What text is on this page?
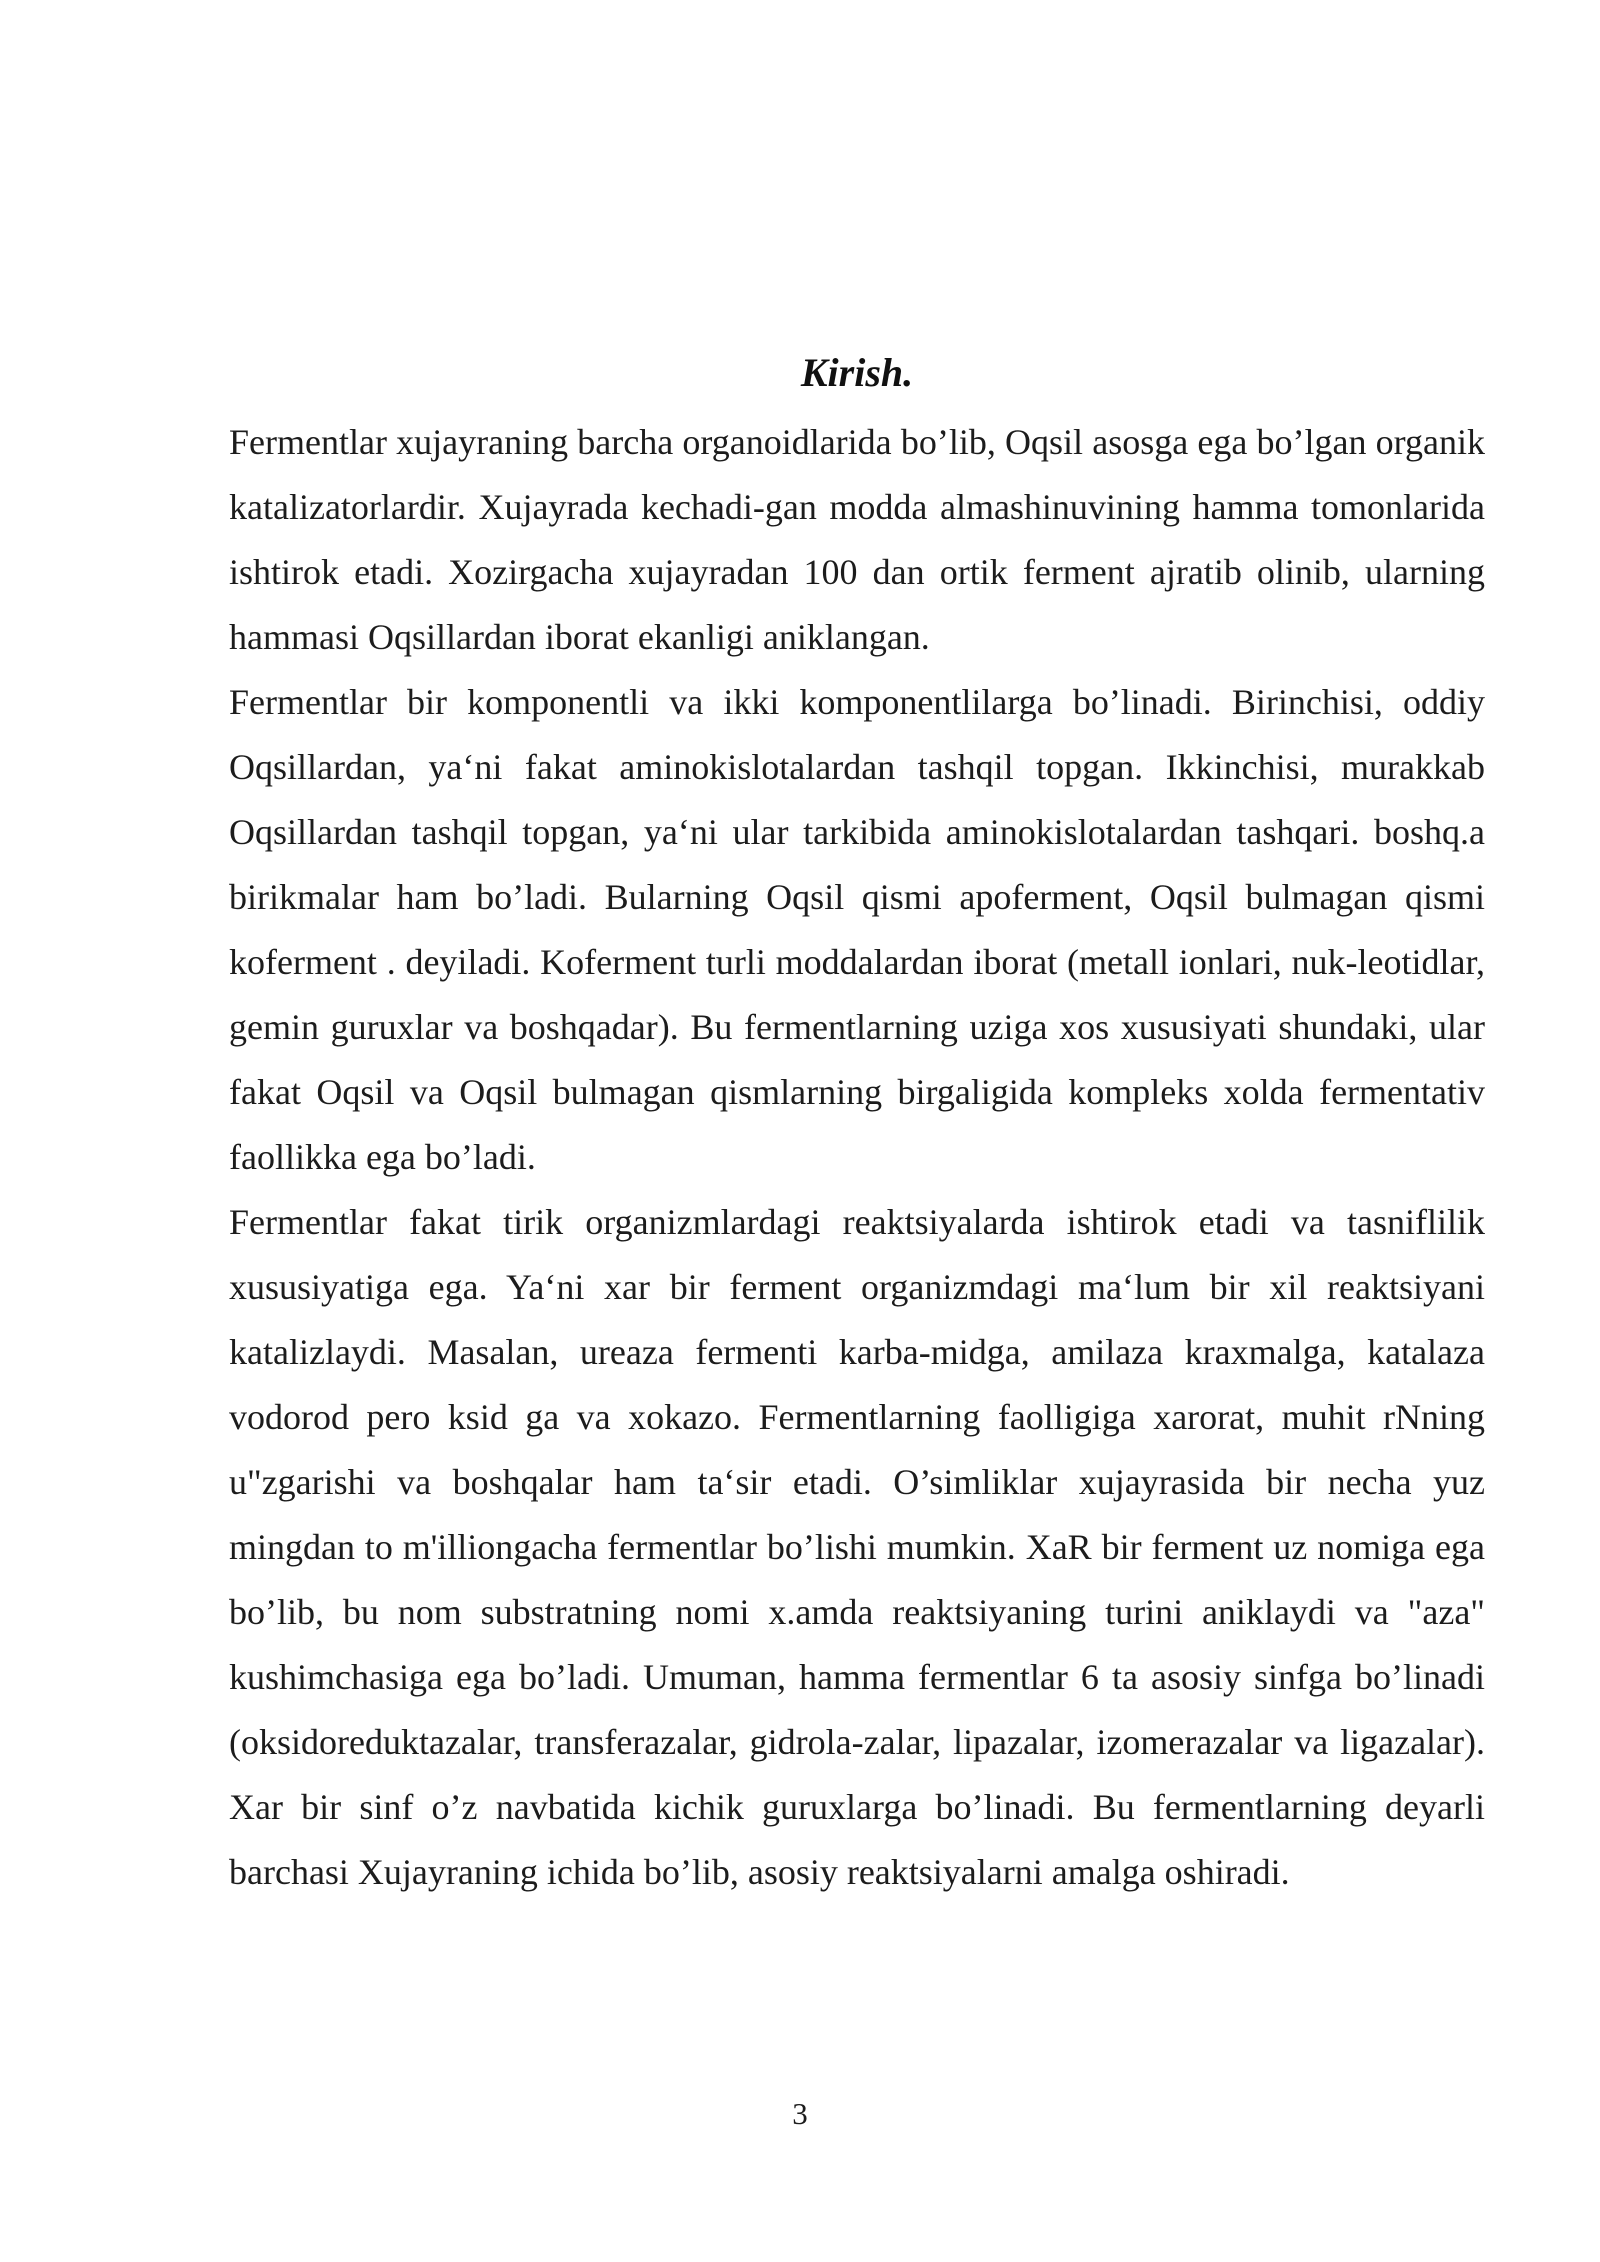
Kirish.

Fermentlar xujayraning barcha organoidlarida bo’lib, Oqsil asosga ega bo’lgan organik katalizatorlardir. Xujayrada kechadi-gan modda almashinuvining hamma tomonlarida ishtirok etadi. Xozirgacha xujayradan 100 dan ortik ferment ajratib olinib, ularning hammasi Oqsillardan iborat ekanligi aniklangan.

Fermentlar bir komponentli va ikki komponentlilarga bo’linadi. Birinchisi, oddiy Oqsillardan, ya‘ni fakat aminokislotalardan tashqil topgan. Ikkinchisi, murakkab Oqsillardan tashqil topgan, ya‘ni ular tarkibida aminokislotalardan tashqari. boshq.a birikmalar ham bo’ladi. Bularning Oqsil qismi apoferment, Oqsil bulmagan qismi koferment . deyiladi. Koferment turli moddalardan iborat (metall ionlari, nuk-leotidlar, gemin guruxlar va boshqadar). Bu fermentlarning uziga xos xususiyati shundaki, ular fakat Oqsil va Oqsil bulmagan qismlarning birgaligida kompleks xolda fermentativ faollikka ega bo’ladi.

Fermentlar fakat tirik organizmlardagi reaktsiyalarda ishtirok etadi va tasniflilik xususiyatiga ega. Ya‘ni xar bir ferment organizmdagi ma‘lum bir xil reaktsiyani katalizlaydi. Masalan, ureaza fermenti karba-midga, amilaza kraxmalga, katalaza vodorod pero ksid ga va xokazo. Fermentlarning faolligiga xarorat, muhit rNning u"zgarishi va boshqalar ham ta‘sir etadi. O’simliklar xujayrasida bir necha yuz mingdan to m'illiongacha fermentlar bo’lishi mumkin. XaR bir ferment uz nomiga ega bo’lib, bu nom substratning nomi x.amda reaktsiyaning turini aniklaydi va "aza" kushimchasiga ega bo’ladi. Umuman, hamma fermentlar 6 ta asosiy sinfga bo’linadi (oksidoreduktazalar, transferazalar, gidrola-zalar, lipazalar, izomerazalar va ligazalar). Xar bir sinf o’z navbatida kichik guruxlarga bo’linadi. Bu fermentlarning deyarli barchasi Xujayraning ichida bo’lib, asosiy reaktsiyalarni amalga oshiradi.

3
